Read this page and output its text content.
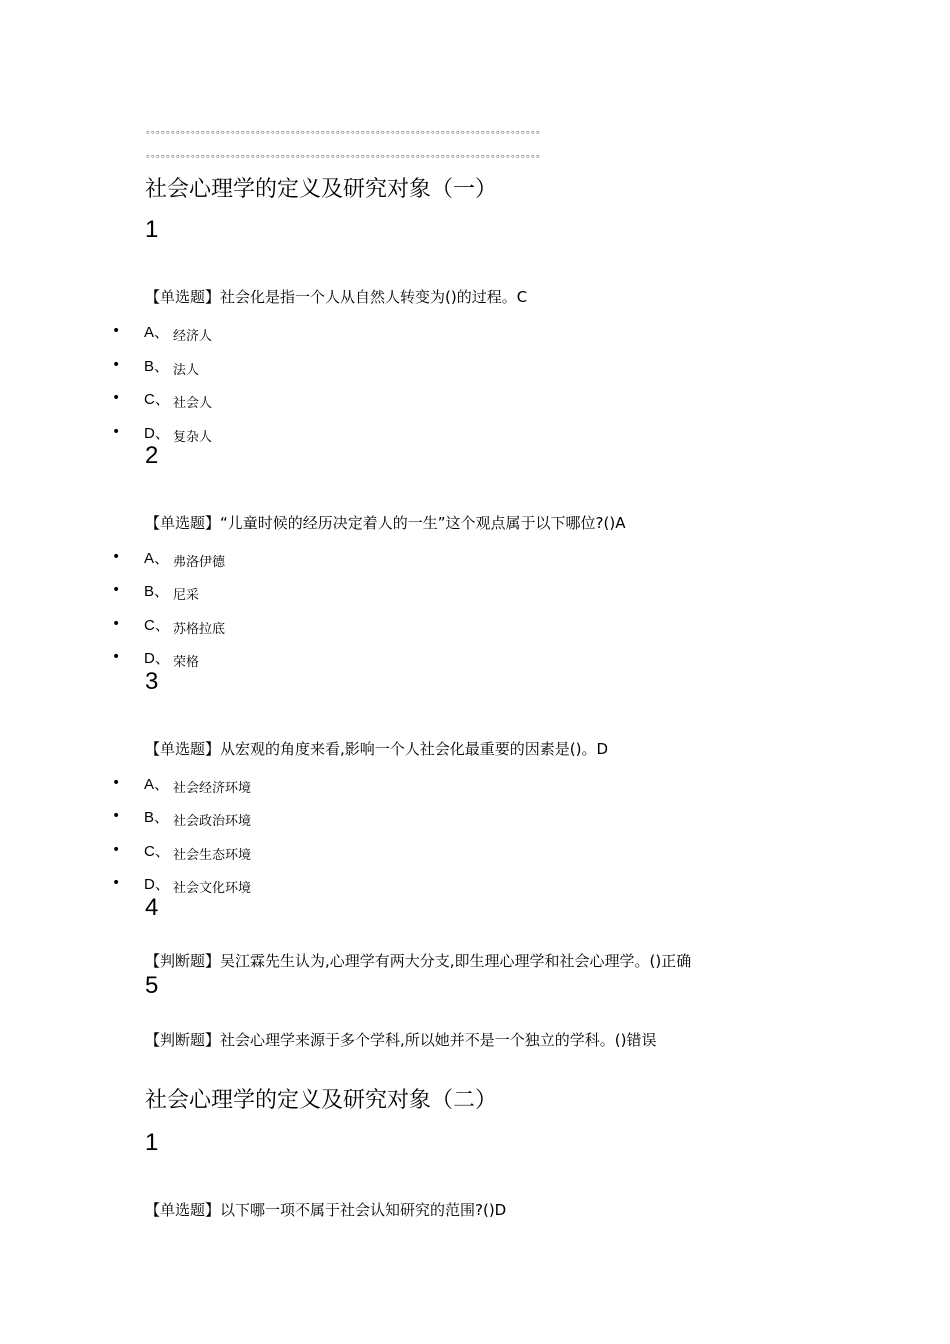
。。。。。。。。。。。。。。。。。。。。。。。。。。。。。。。。。。。。。。。。。。。。。。。。。。。。。。。。。。。。。。。。。。。。。。。。。。。。。。。
。。。。。。。。。。。。。。。。。。。。。。。。。。。。。。。。。。。。。。。。。。。。。。。。。。。。。。。。。。。。。。。。。。。。。。。。。。。。。。。
社会心理学的定义及研究对象（一）
1
【单选题】社会化是指一个人从自然人转变为()的过程。C
• A、 经济人
• B、 法人
• C、 社会人
• D、 复杂人
2
【单选题】“儿童时候的经历决定着人的一生”这个观点属于以下哪位?()A
• A、 弗洛伊德
• B、 尼采
• C、 苏格拉底
• D、 荣格
3
【单选题】从宏观的角度来看,影响一个人社会化最重要的因素是()。D
• A、 社会经济环境
• B、 社会政治环境
• C、 社会生态环境
• D、 社会文化环境
4
【判断题】吴江霖先生认为,心理学有两大分支,即生理心理学和社会心理学。()正确
5
【判断题】社会心理学来源于多个学科,所以她并不是一个独立的学科。()错误
社会心理学的定义及研究对象（二）
1
【单选题】以下哪一项不属于社会认知研究的范围?()D
